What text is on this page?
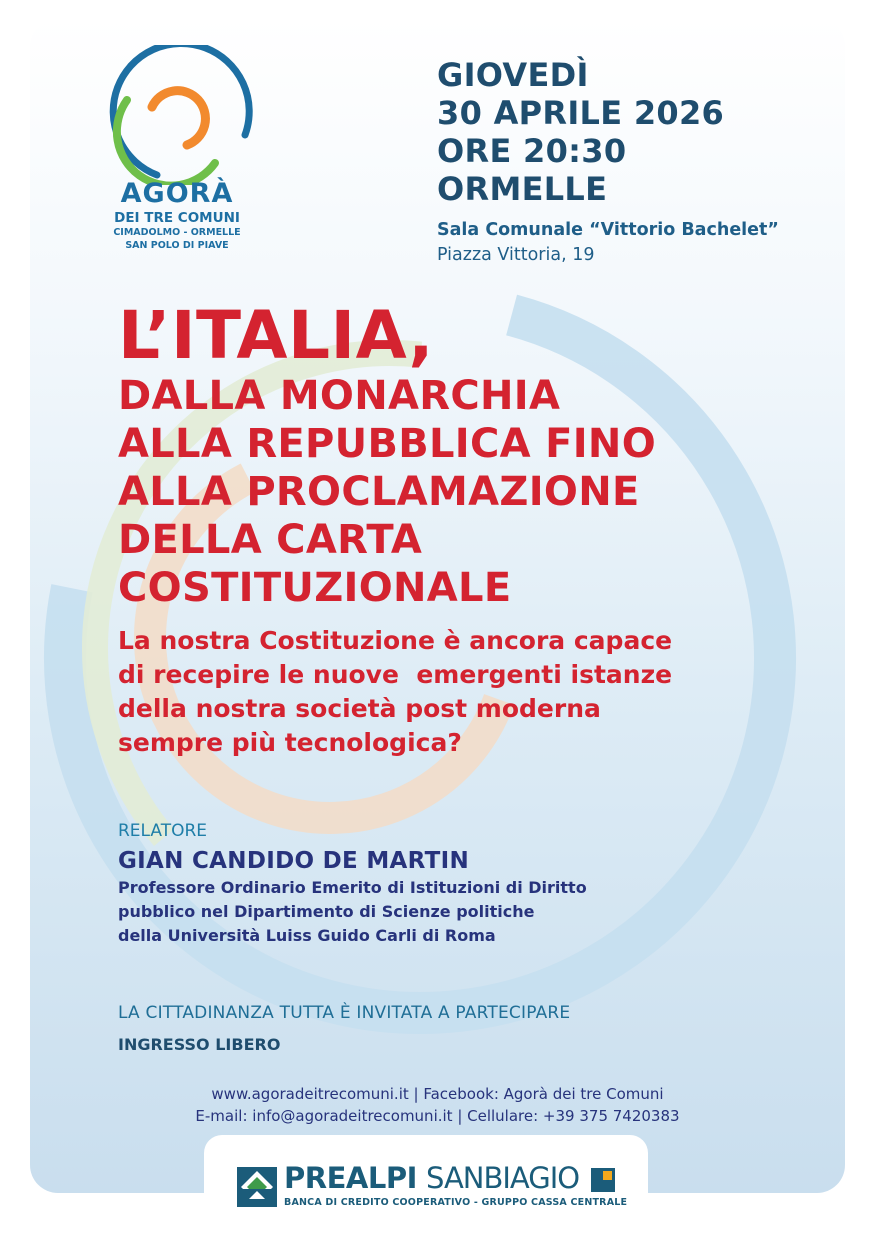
AGORÀ
DEI TRE COMUNI
CIMADOLMO - ORMELLE
SAN POLO DI PIAVE
GIOVEDÌ
30 APRILE 2026
ORE 20:30
ORMELLE
Sala Comunale “Vittorio Bachelet”
Piazza Vittoria, 19
L’ITALIA,
DALLA MONARCHIA
ALLA REPUBBLICA FINO
ALLA PROCLAMAZIONE
DELLA CARTA
COSTITUZIONALE
La nostra Costituzione è ancora capace
di recepire le nuove  emergenti istanze
della nostra società post moderna
sempre più tecnologica?
RELATORE
GIAN CANDIDO DE MARTIN
Professore Ordinario Emerito di Istituzioni di Diritto
pubblico nel Dipartimento di Scienze politiche
della Università Luiss Guido Carli di Roma
LA CITTADINANZA TUTTA È INVITATA A PARTECIPARE
INGRESSO LIBERO
www.agoradeitrecomuni.it | Facebook: Agorà dei tre Comuni
E-mail: info@agoradeitrecomuni.it | Cellulare: +39 375 7420383
PREALPI SANBIAGIO
BANCA DI CREDITO COOPERATIVO - GRUPPO CASSA CENTRALE
